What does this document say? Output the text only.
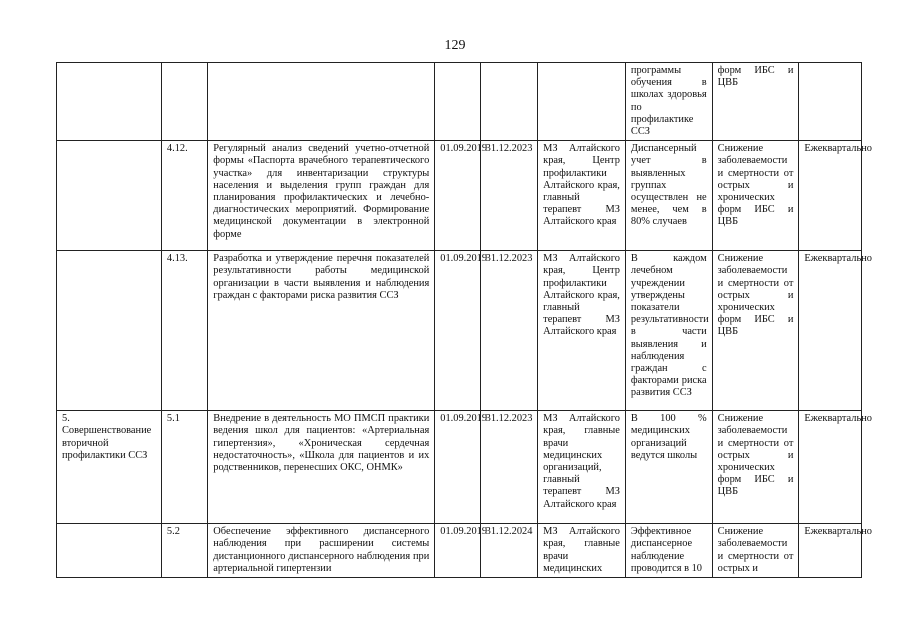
129
						программы обучения в школах здоровья по профилактике ССЗ	форм ИБС и ЦВБ	
	4.12.	Регулярный анализ сведений учетно-отчетной формы «Паспорта врачебного терапевтического участка» для инвентаризации структуры населения и выделения групп граждан для планирования профилактических и лечебно-диагностических мероприятий. Формирование медицинской документации в электронной форме	01.09.2019	31.12.2023	МЗ Алтайского края, Центр профилактики Алтайского края, главный терапевт МЗ Алтайского края	Диспансерный учет в выявленных группах осуществлен не менее, чем в 80% случаев	Снижение заболеваемости и смертности от острых и хронических форм ИБС и ЦВБ	Ежеквартально
	4.13.	Разработка и утверждение перечня показателей результативности работы медицинской организации в части выявления и наблюдения граждан с факторами риска развития ССЗ	01.09.2019	31.12.2023	МЗ Алтайского края, Центр профилактики Алтайского края, главный терапевт МЗ Алтайского края	В каждом лечебном учреждении утверждены показатели результативности в части выявления и наблюдения граждан с факторами риска развития ССЗ	Снижение заболеваемости и смертности от острых и хронических форм ИБС и ЦВБ	Ежеквартально
5. Совершенствование вторичной профилактики ССЗ	5.1	Внедрение в деятельность МО ПМСП практики ведения школ для пациентов: «Артериальная гипертензия», «Хроническая сердечная недостаточность», «Школа для пациентов и их родственников, перенесших ОКС, ОНМК»	01.09.2019	31.12.2023	МЗ Алтайского края, главные врачи медицинских организаций, главный терапевт МЗ Алтайского края	В 100 % медицинских организаций ведутся школы	Снижение заболеваемости и смертности от острых и хронических форм ИБС и ЦВБ	Ежеквартально
	5.2	Обеспечение эффективного диспансерного наблюдения при расширении системы дистанционного диспансерного наблюдения при артериальной гипертензии	01.09.2019	31.12.2024	МЗ Алтайского края, главные врачи медицинских	Эффективное диспансерное наблюдение проводится в 10	Снижение заболеваемости и смертности от острых и	Ежеквартально
